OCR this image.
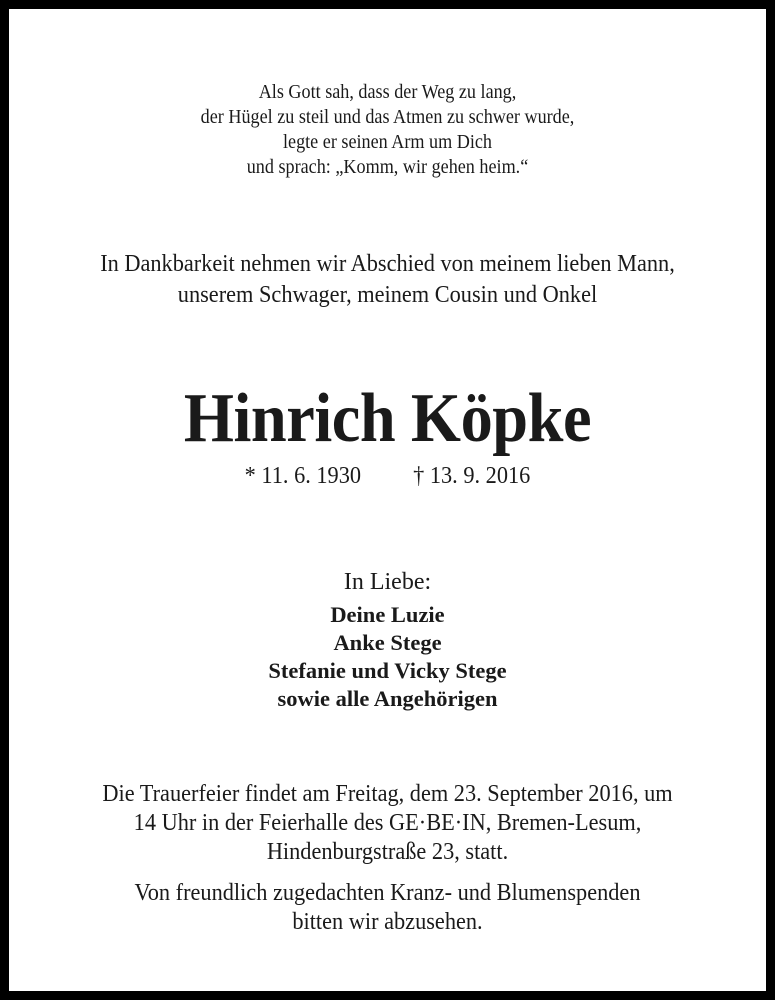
Als Gott sah, dass der Weg zu lang,
der Hügel zu steil und das Atmen zu schwer wurde,
legte er seinen Arm um Dich
und sprach: „Komm, wir gehen heim.“
In Dankbarkeit nehmen wir Abschied von meinem lieben Mann,
unserem Schwager, meinem Cousin und Onkel
Hinrich Köpke
* 11. 6. 1930 † 13. 9. 2016
In Liebe:
Deine Luzie
Anke Stege
Stefanie und Vicky Stege
sowie alle Angehörigen
Die Trauerfeier findet am Freitag, dem 23. September 2016, um
14 Uhr in der Feierhalle des GE·BE·IN, Bremen-Lesum,
Hindenburgstraße 23, statt.
Von freundlich zugedachten Kranz- und Blumenspenden
bitten wir abzusehen.
